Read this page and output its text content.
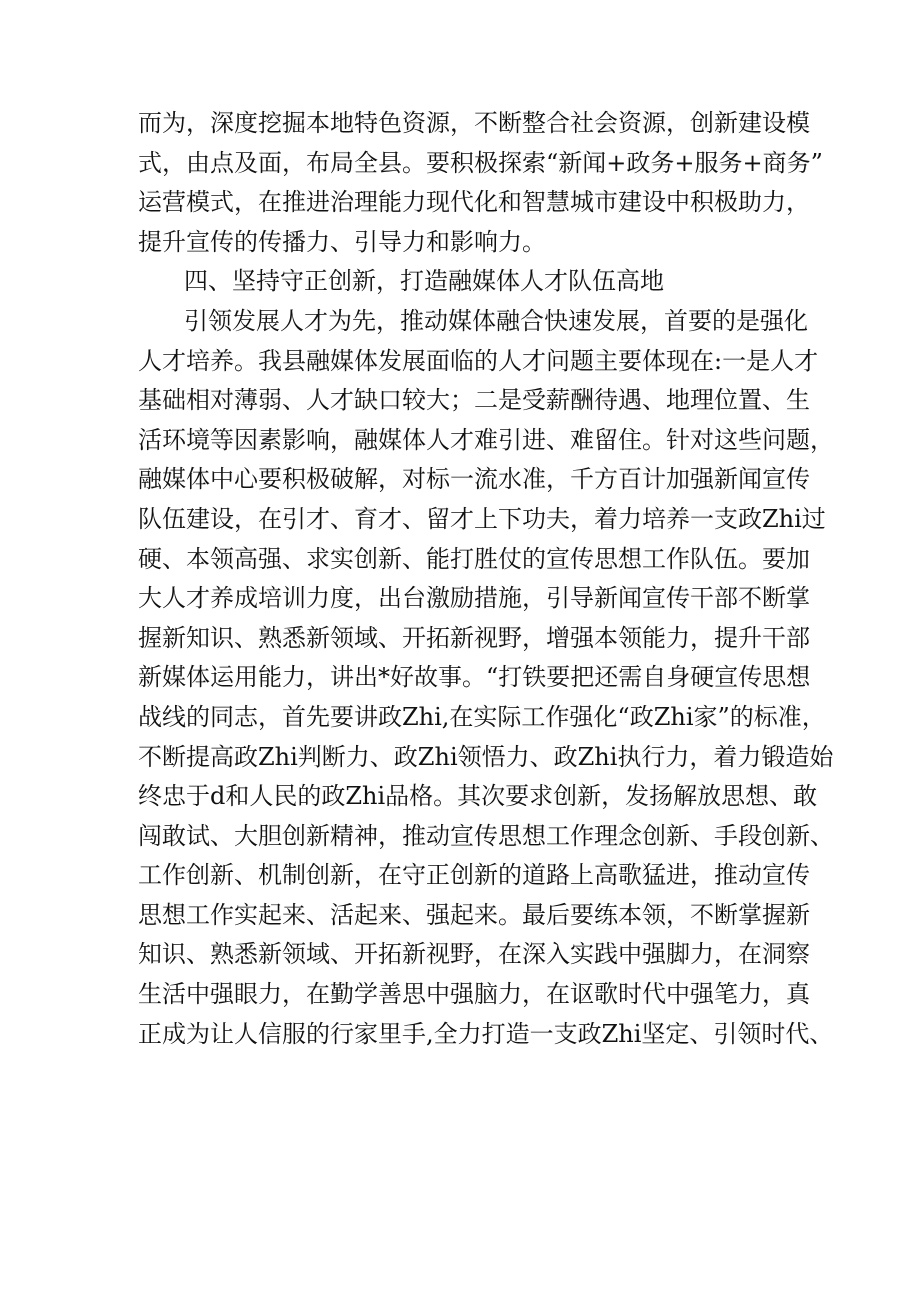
而为，深度挖掘本地特色资源，不断整合社会资源，创新建设模
式，由点及面，布局全县。要积极探索“新闻+政务+服务+商务”
运营模式，在推进治理能力现代化和智慧城市建设中积极助力，
提升宣传的传播力、引导力和影响力。
四、坚持守正创新，打造融媒体人才队伍高地
引领发展人才为先，推动媒体融合快速发展，首要的是强化
人才培养。我县融媒体发展面临的人才问题主要体现在:一是人才
基础相对薄弱、人才缺口较大；二是受薪酬待遇、地理位置、生
活环境等因素影响，融媒体人才难引进、难留住。针对这些问题，
融媒体中心要积极破解，对标一流水准，千方百计加强新闻宣传
队伍建设，在引才、育才、留才上下功夫，着力培养一支政Zhi过
硬、本领高强、求实创新、能打胜仗的宣传思想工作队伍。要加
大人才养成培训力度，出台激励措施，引导新闻宣传干部不断掌
握新知识、熟悉新领域、开拓新视野，增强本领能力，提升干部
新媒体运用能力，讲出*好故事。“打铁要把还需自身硬宣传思想
战线的同志，首先要讲政Zhi,在实际工作强化“政Zhi家”的标准，
不断提高政Zhi判断力、政Zhi领悟力、政Zhi执行力，着力锻造始
终忠于d和人民的政Zhi品格。其次要求创新，发扬解放思想、敢
闯敢试、大胆创新精神，推动宣传思想工作理念创新、手段创新、
工作创新、机制创新，在守正创新的道路上高歌猛进，推动宣传
思想工作实起来、活起来、强起来。最后要练本领，不断掌握新
知识、熟悉新领域、开拓新视野，在深入实践中强脚力，在洞察
生活中强眼力，在勤学善思中强脑力，在讴歌时代中强笔力，真
正成为让人信服的行家里手,全力打造一支政Zhi坚定、引领时代、
